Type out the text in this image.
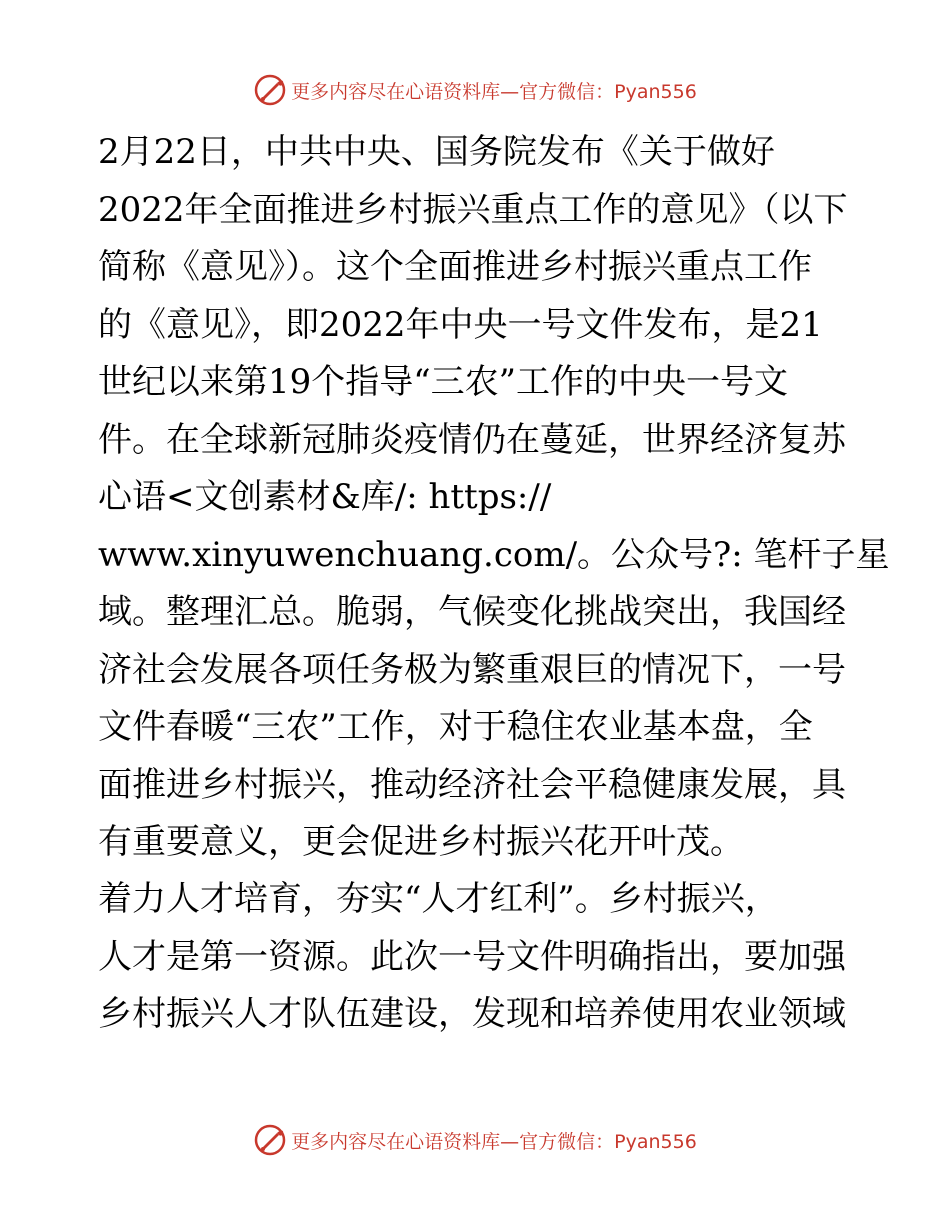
更多内容尽在心语资料库—官方微信：Pyan556
2月22日，中共中央、国务院发布《关于做好
2022年全面推进乡村振兴重点工作的意见》（以下
简称《意见》）。这个全面推进乡村振兴重点工作
的《意见》，即2022年中央一号文件发布，是21
世纪以来第19个指导“三农”工作的中央一号文
件。在全球新冠肺炎疫情仍在蔓延，世界经济复苏
心语<文创素材&库/: https://
www.xinyuwenchuang.com/。公众号?: 笔杆子星
域。整理汇总。脆弱，气候变化挑战突出，我国经
济社会发展各项任务极为繁重艰巨的情况下，一号
文件春暖“三农”工作，对于稳住农业基本盘，全
面推进乡村振兴，推动经济社会平稳健康发展，具
有重要意义，更会促进乡村振兴花开叶茂。
着力人才培育，夯实“人才红利”。乡村振兴，
人才是第一资源。此次一号文件明确指出，要加强
乡村振兴人才队伍建设，发现和培养使用农业领域
更多内容尽在心语资料库—官方微信：Pyan556
